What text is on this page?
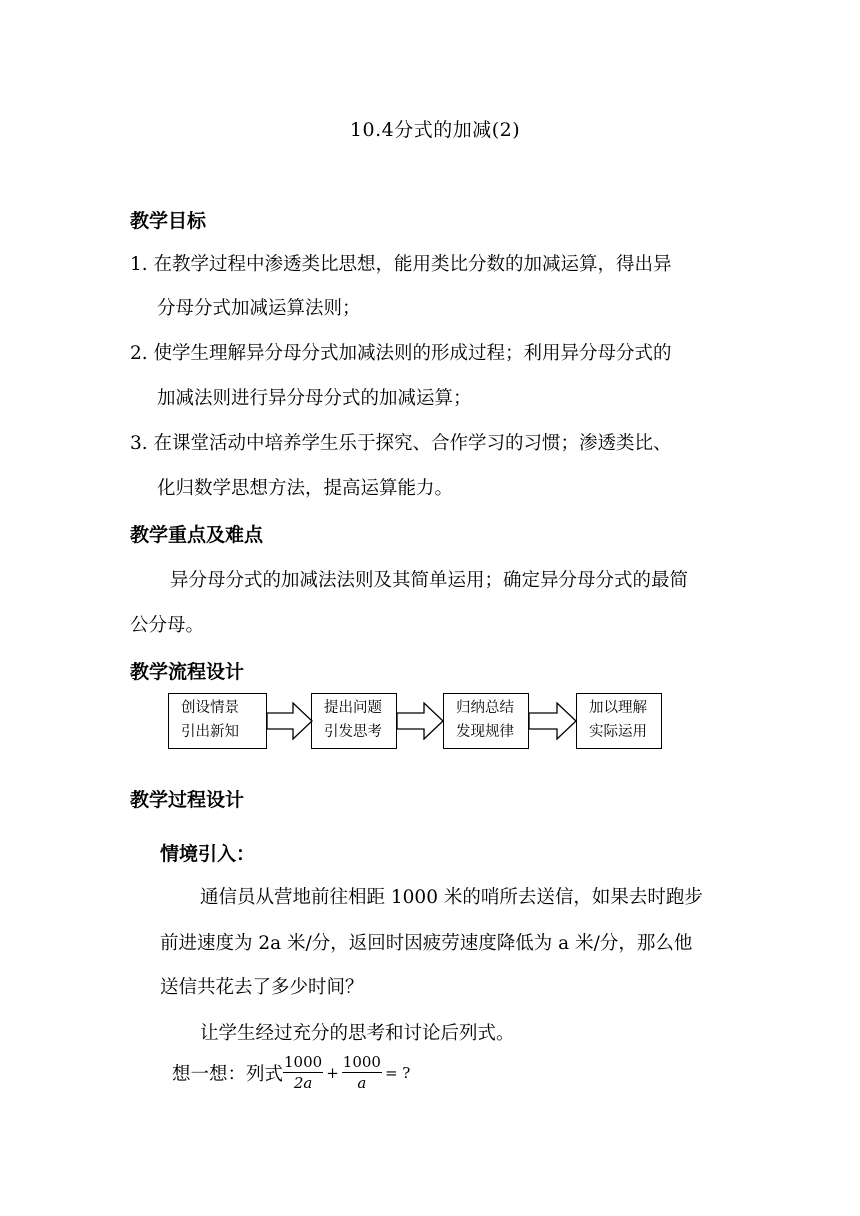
10.4分式的加减(2)
教学目标
1. 在教学过程中渗透类比思想，能用类比分数的加减运算，得出异
分母分式加减运算法则；
2. 使学生理解异分母分式加减法则的形成过程；利用异分母分式的
加减法则进行异分母分式的加减运算；
3. 在课堂活动中培养学生乐于探究、合作学习的习惯；渗透类比、
化归数学思想方法，提高运算能力。
教学重点及难点
异分母分式的加减法法则及其简单运用；确定异分母分式的最简
公分母。
教学流程设计
创设情景
引出新知
提出问题
引发思考
归纳总结
发现规律
加以理解
实际运用
教学过程设计
情境引入：
通信员从营地前往相距 1000 米的哨所去送信，如果去时跑步
前进速度为 2a 米/分，返回时因疲劳速度降低为 a 米/分，那么他
送信共花去了多少时间？
让学生经过充分的思考和讨论后列式。
想一想：列式 $\frac{1000}{2a} + \frac{1000}{a}$ = ?
